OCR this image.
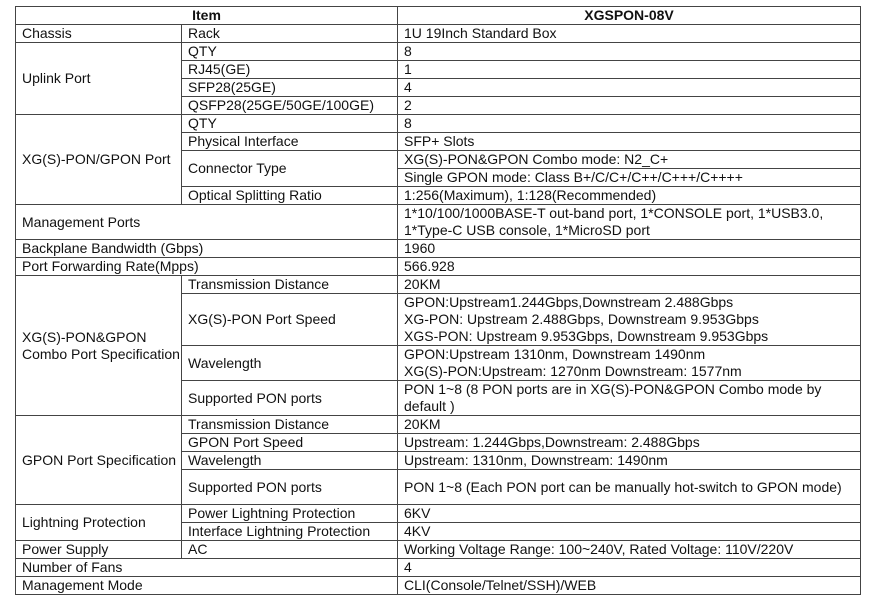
Item		XGSPON-08V
Chassis	Rack	1U 19Inch Standard Box
Uplink Port	QTY	8
	RJ45(GE)	1
	SFP28(25GE)	4
	QSFP28(25GE/50GE/100GE)	2
XG(S)-PON/GPON Port	QTY	8
	Physical Interface	SFP+ Slots
	Connector Type	XG(S)-PON&GPON Combo mode: N2_C+
		Single GPON mode: Class B+/C/C+/C++/C+++/C++++
	Optical Splitting Ratio	1:256(Maximum), 1:128(Recommended)
Management Ports		1*10/100/1000BASE-T out-band port, 1*CONSOLE port, 1*USB3.0,
1*Type-C USB console, 1*MicroSD port

Backplane Bandwidth (Gbps)		1960
Port Forwarding Rate(Mpps)		566.928
XG(S)-PON&GPON Combo Port Specification	Transmission Distance	20KM
	XG(S)-PON Port Speed	GPON:Upstream1.244Gbps,Downstream 2.488Gbps
XG-PON: Upstream 2.488Gbps, Downstream 9.953Gbps
XGS-PON: Upstream 9.953Gbps, Downstream 9.953Gbps

	Wavelength	GPON:Upstream 1310nm, Downstream 1490nm
XG(S)-PON:Upstream: 1270nm Downstream: 1577nm

	Supported PON ports	PON 1~8 (8 PON ports are in XG(S)-PON&GPON Combo mode by default )
GPON Port Specification	Transmission Distance	20KM
	GPON Port Speed	Upstream: 1.244Gbps,Downstream: 2.488Gbps
	Wavelength	Upstream: 1310nm, Downstream: 1490nm
	Supported PON ports	PON 1~8 (Each PON port can be manually hot-switch to GPON mode)
Lightning Protection	Power Lightning Protection	6KV
	Interface Lightning Protection	4KV
Power Supply	AC	Working Voltage Range: 100~240V, Rated Voltage: 110V/220V
Number of Fans		4
Management Mode		CLI(Console/Telnet/SSH)/WEB
